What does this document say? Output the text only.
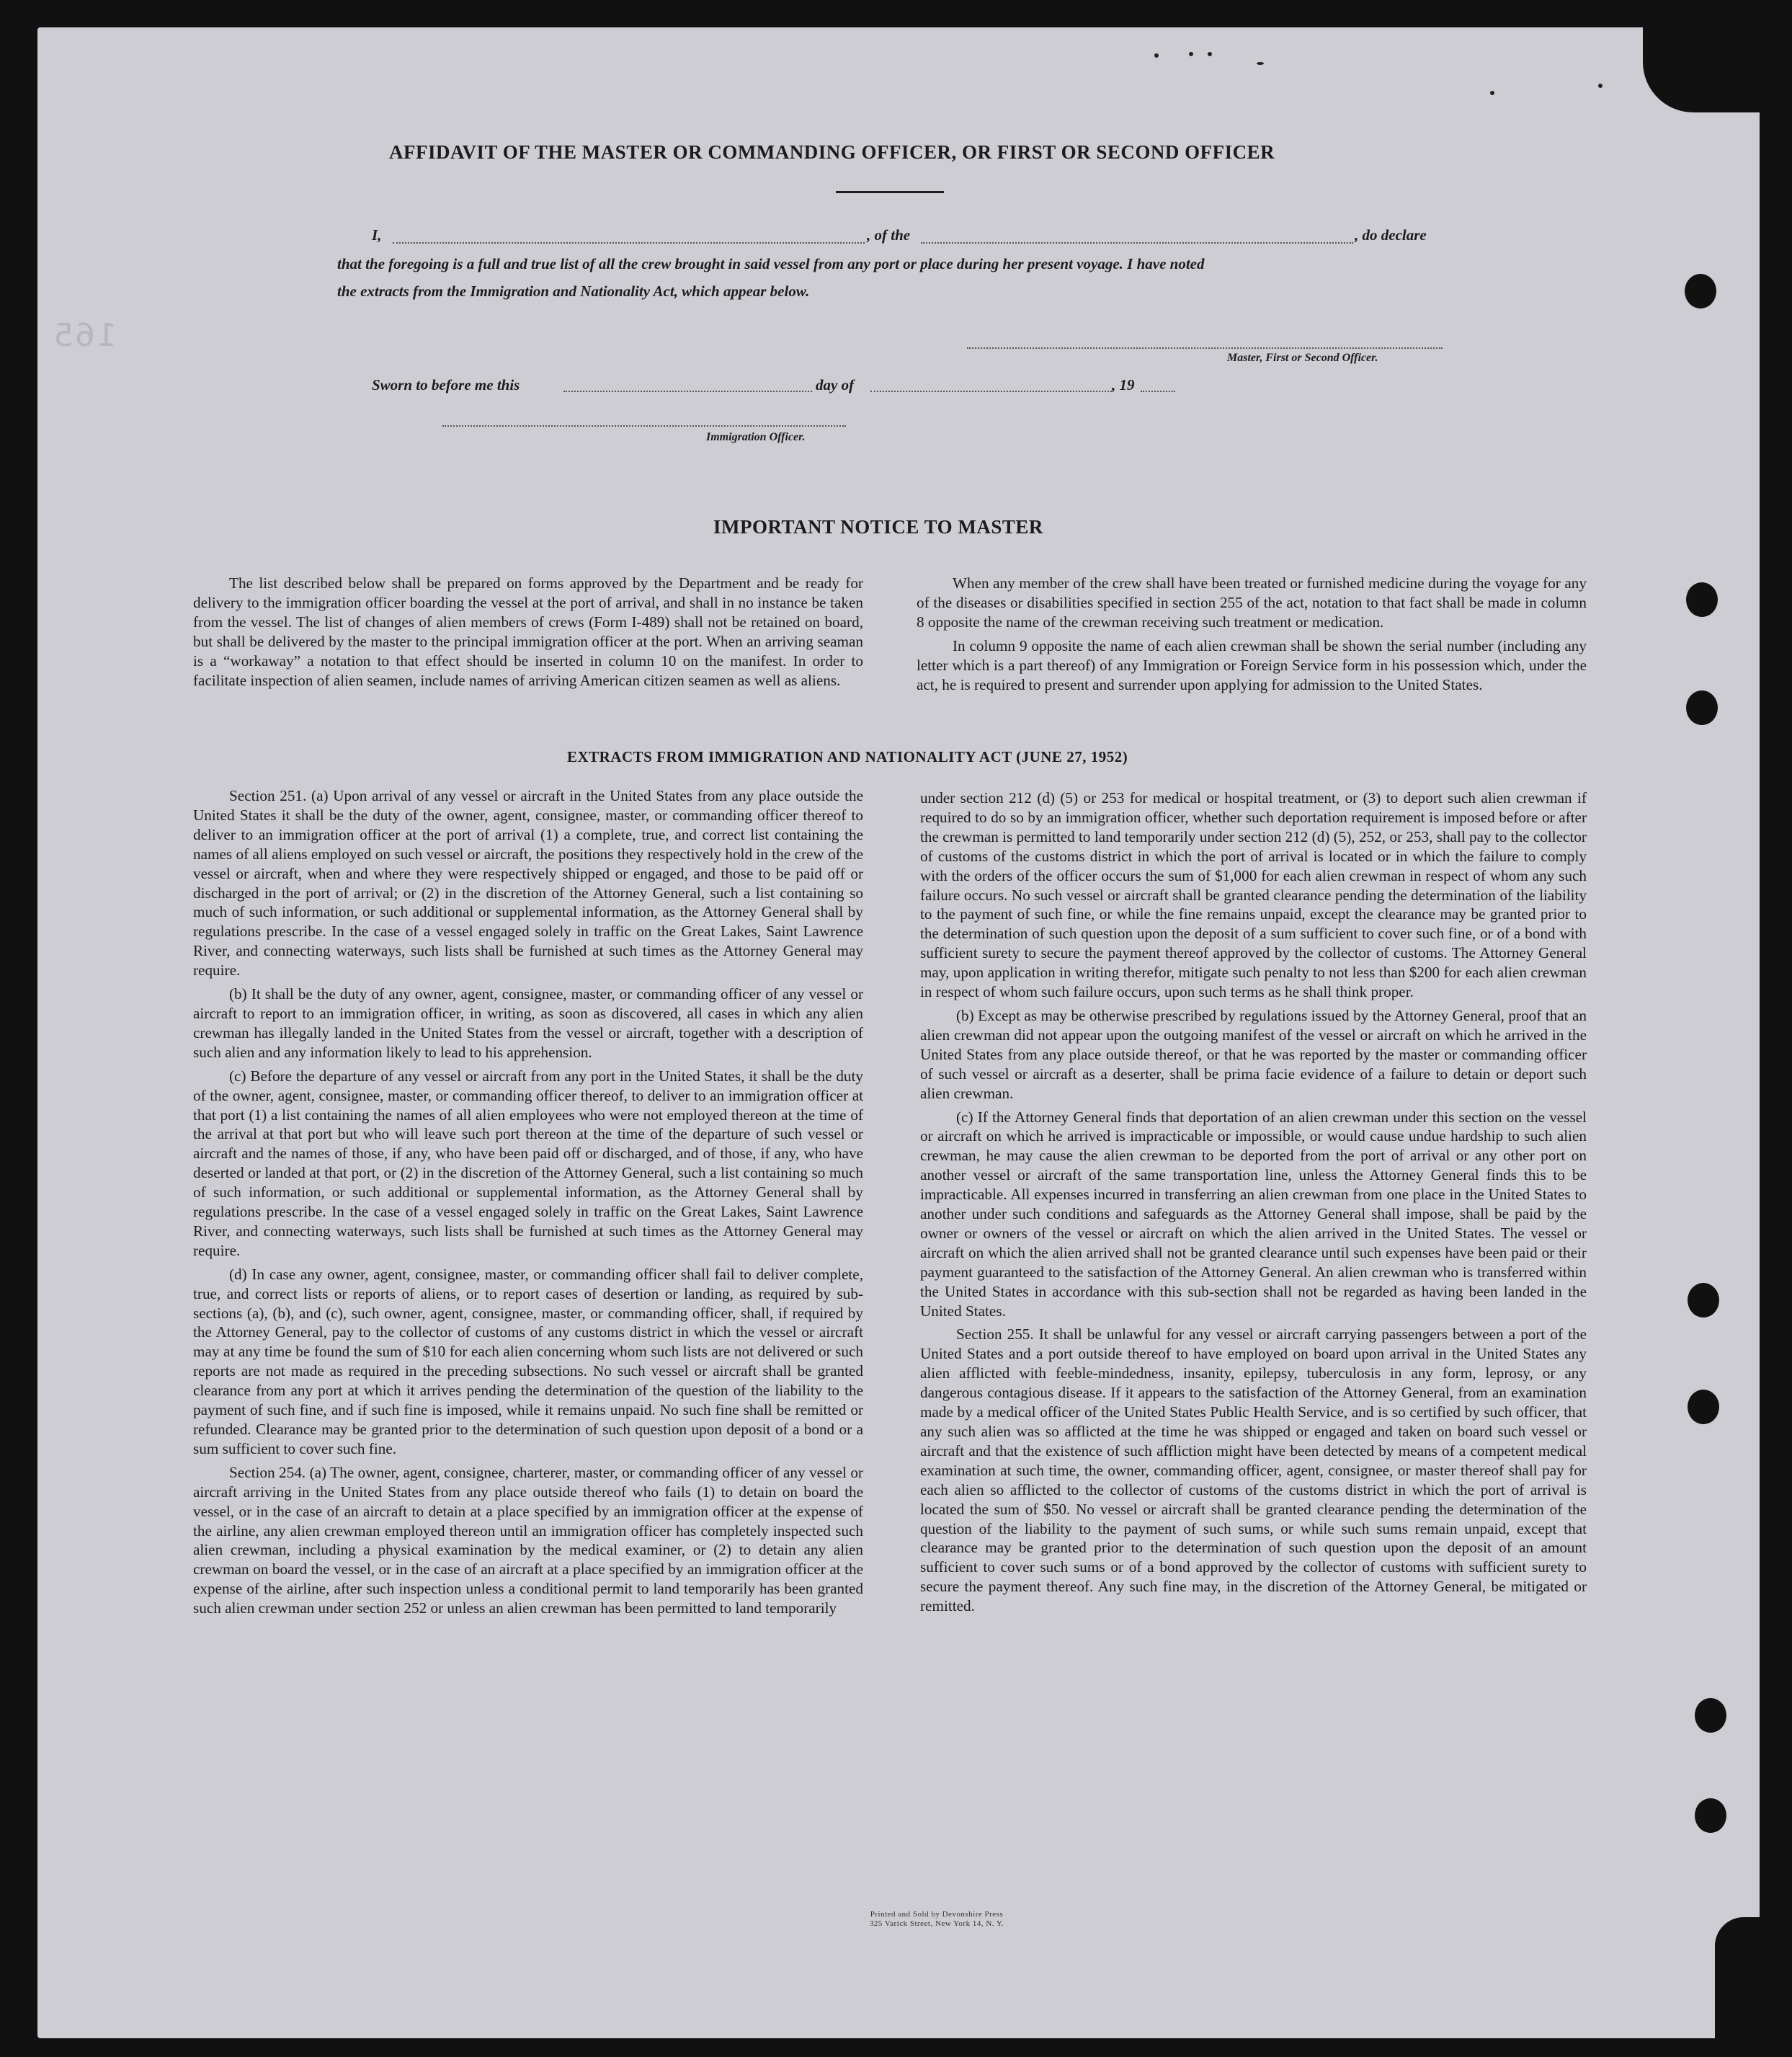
165
AFFIDAVIT OF THE MASTER OR COMMANDING OFFICER, OR FIRST OR SECOND OFFICER
I,	, of the	, do declare
that the foregoing is a full and true list of all the crew brought in said vessel from any port or place during her present voyage. I have noted
the extracts from the Immigration and Nationality Act, which appear below.
Master, First or Second Officer.
Sworn to before me this	day of	, 19
Immigration Officer.
IMPORTANT NOTICE TO MASTER

The list described below shall be prepared on forms approved by the Department and be ready for delivery to the immigration officer boarding the vessel at the port of arrival, and shall in no instance be taken from the vessel. The list of changes of alien members of crews (Form I-489) shall not be retained on board, but shall be delivered by the master to the principal immigration officer at the port. When an arriving seaman is a “workaway” a notation to that effect should be inserted in column 10 on the manifest. In order to facilitate inspection of alien seamen, include names of arriving American citizen seamen as well as aliens.

When any member of the crew shall have been treated or furnished medicine during the voyage for any of the diseases or disabilities specified in section 255 of the act, notation to that fact shall be made in column 8 opposite the name of the crewman receiving such treatment or medication.

In column 9 opposite the name of each alien crewman shall be shown the serial number (including any letter which is a part thereof) of any Immigration or Foreign Service form in his possession which, under the act, he is required to present and surrender upon applying for admission to the United States.

EXTRACTS FROM IMMIGRATION AND NATIONALITY ACT (JUNE 27, 1952)

Section 251. (a) Upon arrival of any vessel or aircraft in the United States from any place outside the United States it shall be the duty of the owner, agent, consignee, master, or commanding officer thereof to deliver to an immigration officer at the port of arrival (1) a complete, true, and correct list containing the names of all aliens employed on such vessel or aircraft, the positions they respectively hold in the crew of the vessel or aircraft, when and where they were respectively shipped or engaged, and those to be paid off or discharged in the port of arrival; or (2) in the discretion of the Attorney General, such a list containing so much of such information, or such additional or supplemental information, as the Attorney General shall by regulations prescribe. In the case of a vessel engaged solely in traffic on the Great Lakes, Saint Lawrence River, and connecting waterways, such lists shall be furnished at such times as the Attorney General may require.

(b) It shall be the duty of any owner, agent, consignee, master, or commanding officer of any vessel or aircraft to report to an immigration officer, in writing, as soon as discovered, all cases in which any alien crewman has illegally landed in the United States from the vessel or aircraft, together with a description of such alien and any information likely to lead to his apprehension.

(c) Before the departure of any vessel or aircraft from any port in the United States, it shall be the duty of the owner, agent, consignee, master, or commanding officer thereof, to deliver to an immigration officer at that port (1) a list containing the names of all alien employees who were not employed thereon at the time of the arrival at that port but who will leave such port thereon at the time of the departure of such vessel or aircraft and the names of those, if any, who have been paid off or discharged, and of those, if any, who have deserted or landed at that port, or (2) in the discretion of the Attorney General, such a list containing so much of such information, or such additional or supplemental information, as the Attorney General shall by regulations prescribe. In the case of a vessel engaged solely in traffic on the Great Lakes, Saint Lawrence River, and connecting waterways, such lists shall be furnished at such times as the Attorney General may require.

(d) In case any owner, agent, consignee, master, or commanding officer shall fail to deliver complete, true, and correct lists or reports of aliens, or to report cases of desertion or landing, as required by sub-sections (a), (b), and (c), such owner, agent, consignee, master, or commanding officer, shall, if required by the Attorney General, pay to the collector of customs of any customs district in which the vessel or aircraft may at any time be found the sum of $10 for each alien concerning whom such lists are not delivered or such reports are not made as required in the preceding subsections. No such vessel or aircraft shall be granted clearance from any port at which it arrives pending the determination of the question of the liability to the payment of such fine, and if such fine is imposed, while it remains unpaid. No such fine shall be remitted or refunded. Clearance may be granted prior to the determination of such question upon deposit of a bond or a sum sufficient to cover such fine.

Section 254. (a) The owner, agent, consignee, charterer, master, or commanding officer of any vessel or aircraft arriving in the United States from any place outside thereof who fails (1) to detain on board the vessel, or in the case of an aircraft to detain at a place specified by an immigration officer at the expense of the airline, any alien crewman employed thereon until an immigration officer has completely inspected such alien crewman, including a physical examination by the medical examiner, or (2) to detain any alien crewman on board the vessel, or in the case of an aircraft at a place specified by an immigration officer at the expense of the airline, after such inspection unless a conditional permit to land temporarily has been granted such alien crewman under section 252 or unless an alien crewman has been permitted to land temporarily

under section 212 (d) (5) or 253 for medical or hospital treatment, or (3) to deport such alien crewman if required to do so by an immigration officer, whether such deportation requirement is imposed before or after the crewman is permitted to land temporarily under section 212 (d) (5), 252, or 253, shall pay to the collector of customs of the customs district in which the port of arrival is located or in which the failure to comply with the orders of the officer occurs the sum of $1,000 for each alien crewman in respect of whom any such failure occurs. No such vessel or aircraft shall be granted clearance pending the determination of the liability to the payment of such fine, or while the fine remains unpaid, except the clearance may be granted prior to the determination of such question upon the deposit of a sum sufficient to cover such fine, or of a bond with sufficient surety to secure the payment thereof approved by the collector of customs. The Attorney General may, upon application in writing therefor, mitigate such penalty to not less than $200 for each alien crewman in respect of whom such failure occurs, upon such terms as he shall think proper.

(b) Except as may be otherwise prescribed by regulations issued by the Attorney General, proof that an alien crewman did not appear upon the outgoing manifest of the vessel or aircraft on which he arrived in the United States from any place outside thereof, or that he was reported by the master or commanding officer of such vessel or aircraft as a deserter, shall be prima facie evidence of a failure to detain or deport such alien crewman.

(c) If the Attorney General finds that deportation of an alien crewman under this section on the vessel or aircraft on which he arrived is impracticable or impossible, or would cause undue hardship to such alien crewman, he may cause the alien crewman to be deported from the port of arrival or any other port on another vessel or aircraft of the same transportation line, unless the Attorney General finds this to be impracticable. All expenses incurred in transferring an alien crewman from one place in the United States to another under such conditions and safeguards as the Attorney General shall impose, shall be paid by the owner or owners of the vessel or aircraft on which the alien arrived in the United States. The vessel or aircraft on which the alien arrived shall not be granted clearance until such expenses have been paid or their payment guaranteed to the satisfaction of the Attorney General. An alien crewman who is transferred within the United States in accordance with this sub-section shall not be regarded as having been landed in the United States.

Section 255. It shall be unlawful for any vessel or aircraft carrying passengers between a port of the United States and a port outside thereof to have employed on board upon arrival in the United States any alien afflicted with feeble-mindedness, insanity, epilepsy, tuberculosis in any form, leprosy, or any dangerous contagious disease. If it appears to the satisfaction of the Attorney General, from an examination made by a medical officer of the United States Public Health Service, and is so certified by such officer, that any such alien was so afflicted at the time he was shipped or engaged and taken on board such vessel or aircraft and that the existence of such affliction might have been detected by means of a competent medical examination at such time, the owner, commanding officer, agent, consignee, or master thereof shall pay for each alien so afflicted to the collector of customs of the customs district in which the port of arrival is located the sum of $50. No vessel or aircraft shall be granted clearance pending the determination of the question of the liability to the payment of such sums, or while such sums remain unpaid, except that clearance may be granted prior to the determination of such question upon the deposit of an amount sufficient to cover such sums or of a bond approved by the collector of customs with sufficient surety to secure the payment thereof. Any such fine may, in the discretion of the Attorney General, be mitigated or remitted.

Printed and Sold by Devonshire Press
325 Varick Street, New York 14, N. Y.
